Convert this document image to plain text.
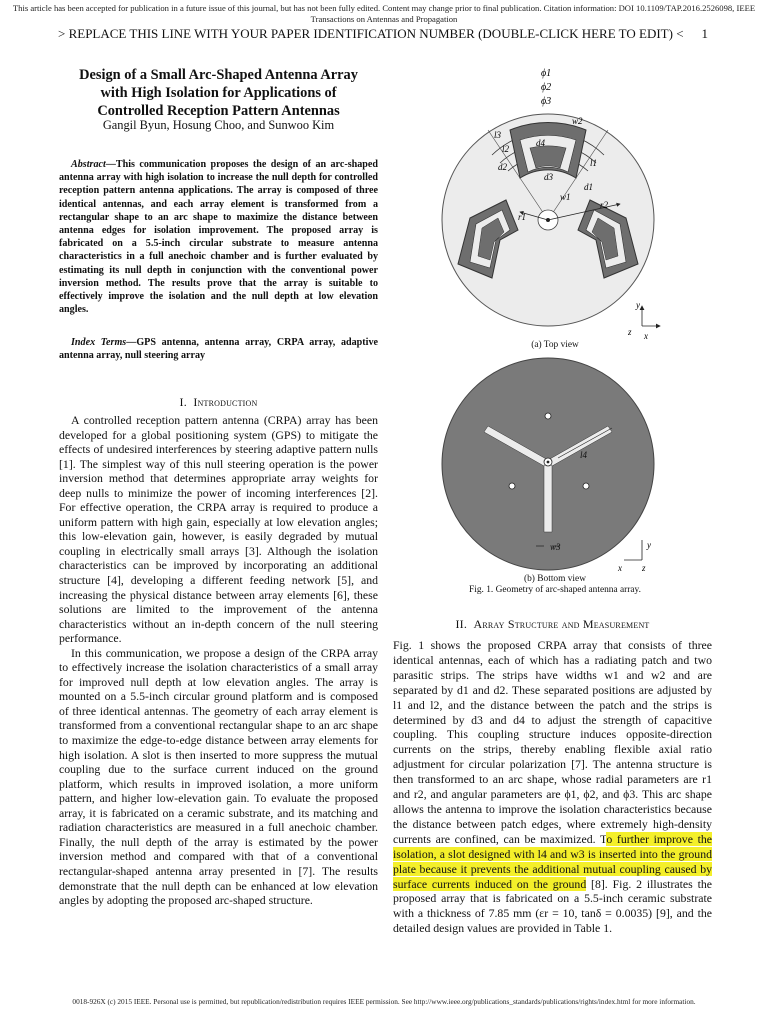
This article has been accepted for publication in a future issue of this journal, but has not been fully edited. Content may change prior to final publication. Citation information: DOI 10.1109/TAP.2016.2526098, IEEE
Transactions on Antennas and Propagation
> REPLACE THIS LINE WITH YOUR PAPER IDENTIFICATION NUMBER (DOUBLE-CLICK HERE TO EDIT) < 1
Design of a Small Arc-Shaped Antenna Array
with High Isolation for Applications of
Controlled Reception Pattern Antennas
Gangil Byun, Hosung Choo, and Sunwoo Kim
Abstract—This communication proposes the design of an arc-shaped antenna array with high isolation to increase the null depth for controlled reception pattern antenna applications. The array is composed of three identical antennas, and each array element is transformed from a rectangular shape to an arc shape to maximize the distance between antenna edges for isolation improvement. The proposed array is fabricated on a 5.5-inch circular substrate to measure antenna characteristics in a full anechoic chamber and is further evaluated by estimating its null depth in conjunction with the conventional power inversion method. The results prove that the array is suitable to effectively improve the isolation and the null depth at low elevation angles.
Index Terms—GPS antenna, antenna array, CRPA array, adaptive antenna array, null steering array
I. Introduction

A controlled reception pattern antenna (CRPA) array has been developed for a global positioning system (GPS) to mitigate the effects of undesired interferences by steering adaptive pattern nulls [1]. The simplest way of this null steering operation is the power inversion method that determines appropriate array weights for deep nulls to minimize the power of incoming interferences [2]. For effective operation, the CRPA array is required to produce a uniform pattern with high gain, especially at low elevation angles; this low-elevation gain, however, is easily degraded by mutual coupling in electrically small arrays [3]. Although the isolation characteristics can be improved by incorporating an additional structure [4], developing a different feeding network [5], and increasing the physical distance between array elements [6], these solutions are limited to the improvement of the antenna characteristics without an in-depth concern of the null steering performance.

In this communication, we propose a design of the CRPA array to effectively increase the isolation characteristics of a small array for improved null depth at low elevation angles. The array is mounted on a 5.5-inch circular ground platform and is composed of three identical antennas. The geometry of each array element is transformed from a conventional rectangular shape to an arc shape to maximize the edge-to-edge distance between array elements for high isolation. A slot is then inserted to more suppress the mutual coupling due to the surface current induced on the ground platform, which results in improved isolation, a more uniform pattern, and higher low-elevation gain. To evaluate the proposed array, it is fabricated on a ceramic substrate, and its matching and radiation characteristics are measured in a full anechoic chamber. Finally, the null depth of the array is estimated by the power inversion method and compared with that of a conventional rectangular-shaped antenna array presented in [7]. The results demonstrate that the null depth can be enhanced at low elevation angles by adopting the proposed arc-shaped structure.

ϕ1
ϕ2
ϕ3
w2
l3
d4
l2
d2	l1
d3
d1
w1
r1
r2
y
x
z
(a) Top view
l4
w3	y
x z
(b) Bottom view
Fig. 1. Geometry of arc-shaped antenna array.
II. Array Structure and Measurement

Fig. 1 shows the proposed CRPA array that consists of three identical antennas, each of which has a radiating patch and two parasitic strips. The strips have widths w1 and w2 and are separated by d1 and d2. These separated positions are adjusted by l1 and l2, and the distance between the patch and the strips is determined by d3 and d4 to adjust the strength of capacitive coupling. This coupling structure induces opposite-direction currents on the strips, thereby enabling flexible axial ratio adjustment for circular polarization [7]. The antenna structure is then transformed to an arc shape, whose radial parameters are r1 and r2, and angular parameters are ϕ1, ϕ2, and ϕ3. This arc shape allows the antenna to improve the isolation characteristics because the distance between patch edges, where extremely high-density currents are confined, can be maximized. To further improve the isolation, a slot designed with l4 and w3 is inserted into the ground plate because it prevents the additional mutual coupling caused by surface currents induced on the ground [8]. Fig. 2 illustrates the proposed array that is fabricated on a 5.5-inch ceramic substrate with a thickness of 7.85 mm (εr = 10, tanδ = 0.0035) [9], and the detailed design values are provided in Table 1.

0018-926X (c) 2015 IEEE. Personal use is permitted, but republication/redistribution requires IEEE permission. See http://www.ieee.org/publications_standards/publications/rights/index.html for more information.
